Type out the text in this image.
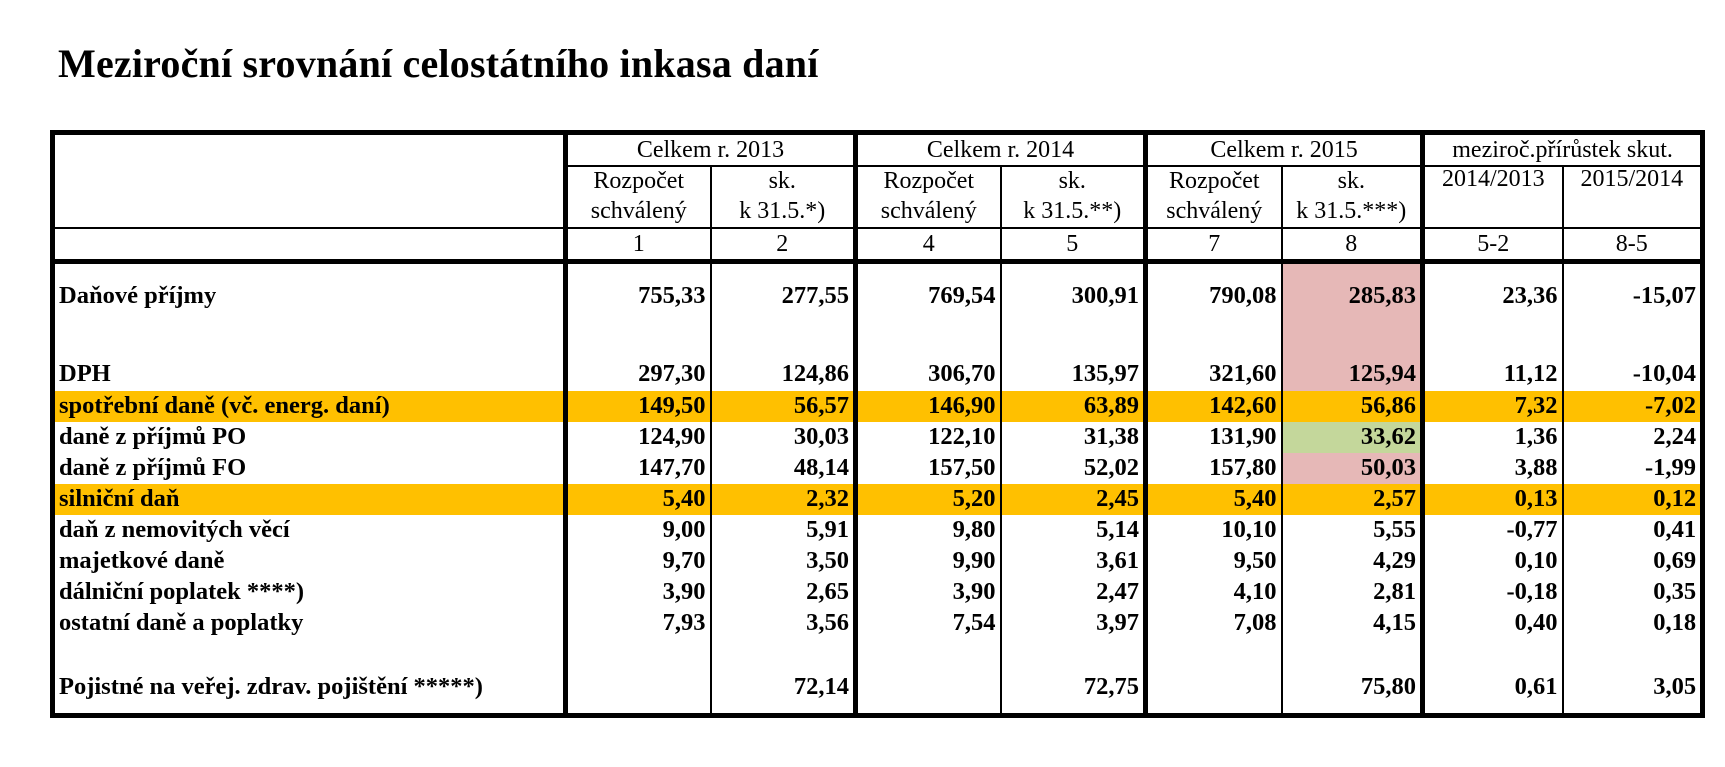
Meziroční srovnání celostátního inkasa daní
	Celkem r. 2013		Celkem r. 2014		Celkem r. 2015		meziroč.přírůstek skut.	
	Rozpočet	sk.	Rozpočet	sk.	Rozpočet	sk.	2014/2013	2015/2014
	schválený	k 31.5.*)	schválený	k 31.5.**)	schválený	k 31.5.***)		
	1	2	4	5	7	8	5-2	8-5
Daňové příjmy	755,33	277,55	769,54	300,91	790,08	285,83	23,36	-15,07
DPH	297,30	124,86	306,70	135,97	321,60	125,94	11,12	-10,04
spotřební daně (vč. energ. daní)	149,50	56,57	146,90	63,89	142,60	56,86	7,32	-7,02
daně z příjmů PO	124,90	30,03	122,10	31,38	131,90	33,62	1,36	2,24
daně z příjmů FO	147,70	48,14	157,50	52,02	157,80	50,03	3,88	-1,99
silniční daň	5,40	2,32	5,20	2,45	5,40	2,57	0,13	0,12
daň z nemovitých věcí	9,00	5,91	9,80	5,14	10,10	5,55	-0,77	0,41
majetkové daně	9,70	3,50	9,90	3,61	9,50	4,29	0,10	0,69
dálniční poplatek ****)	3,90	2,65	3,90	2,47	4,10	2,81	-0,18	0,35
ostatní daně a poplatky	7,93	3,56	7,54	3,97	7,08	4,15	0,40	0,18
Pojistné na veřej. zdrav. pojištění *****)		72,14		72,75		75,80	0,61	3,05
